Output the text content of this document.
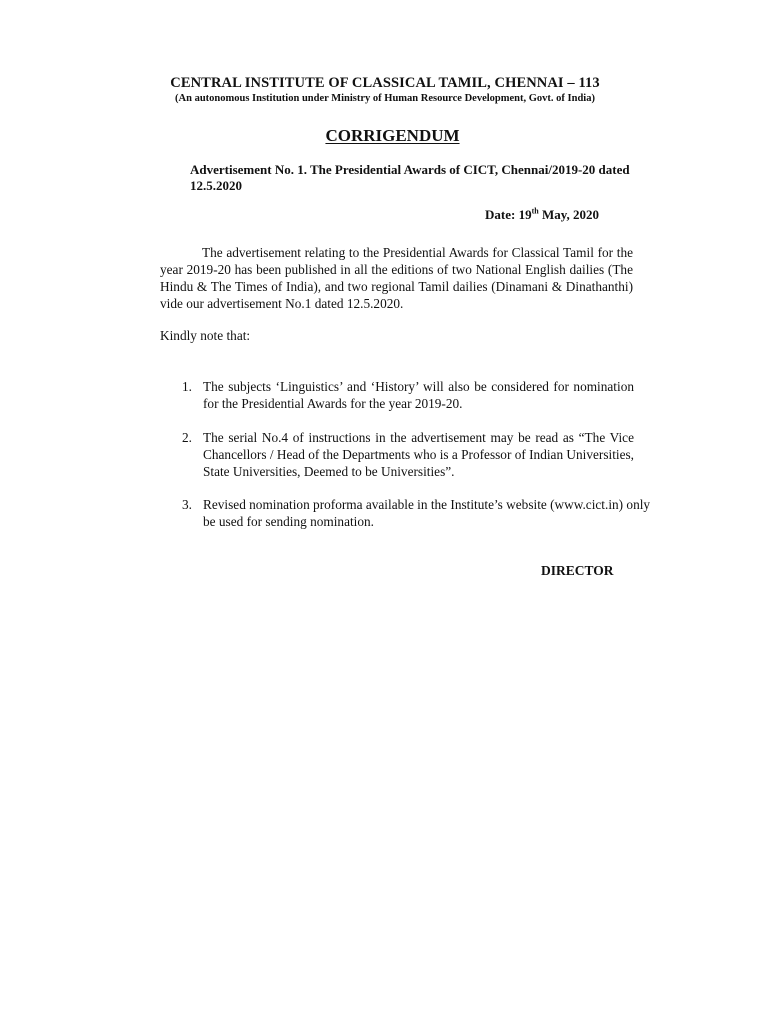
CENTRAL INSTITUTE OF CLASSICAL TAMIL, CHENNAI – 113
(An autonomous Institution under Ministry of Human Resource Development, Govt. of India)
CORRIGENDUM
Advertisement No. 1. The Presidential Awards of CICT, Chennai/2019-20 dated 12.5.2020
Date: 19th May, 2020
The advertisement relating to the Presidential Awards for Classical Tamil for the year 2019-20 has been published in all the editions of two National English dailies (The Hindu & The Times of India), and two regional Tamil dailies (Dinamani & Dinathanthi) vide our advertisement No.1 dated 12.5.2020.
Kindly note that:
1. The subjects ‘Linguistics’ and ‘History’ will also be considered for nomination for the Presidential Awards for the year 2019-20.
2. The serial No.4 of instructions in the advertisement may be read as “The Vice Chancellors / Head of the Departments who is a Professor of Indian Universities, State Universities, Deemed to be Universities”.
3. Revised nomination proforma available in the Institute’s website (www.cict.in) only be used for sending nomination.
DIRECTOR
